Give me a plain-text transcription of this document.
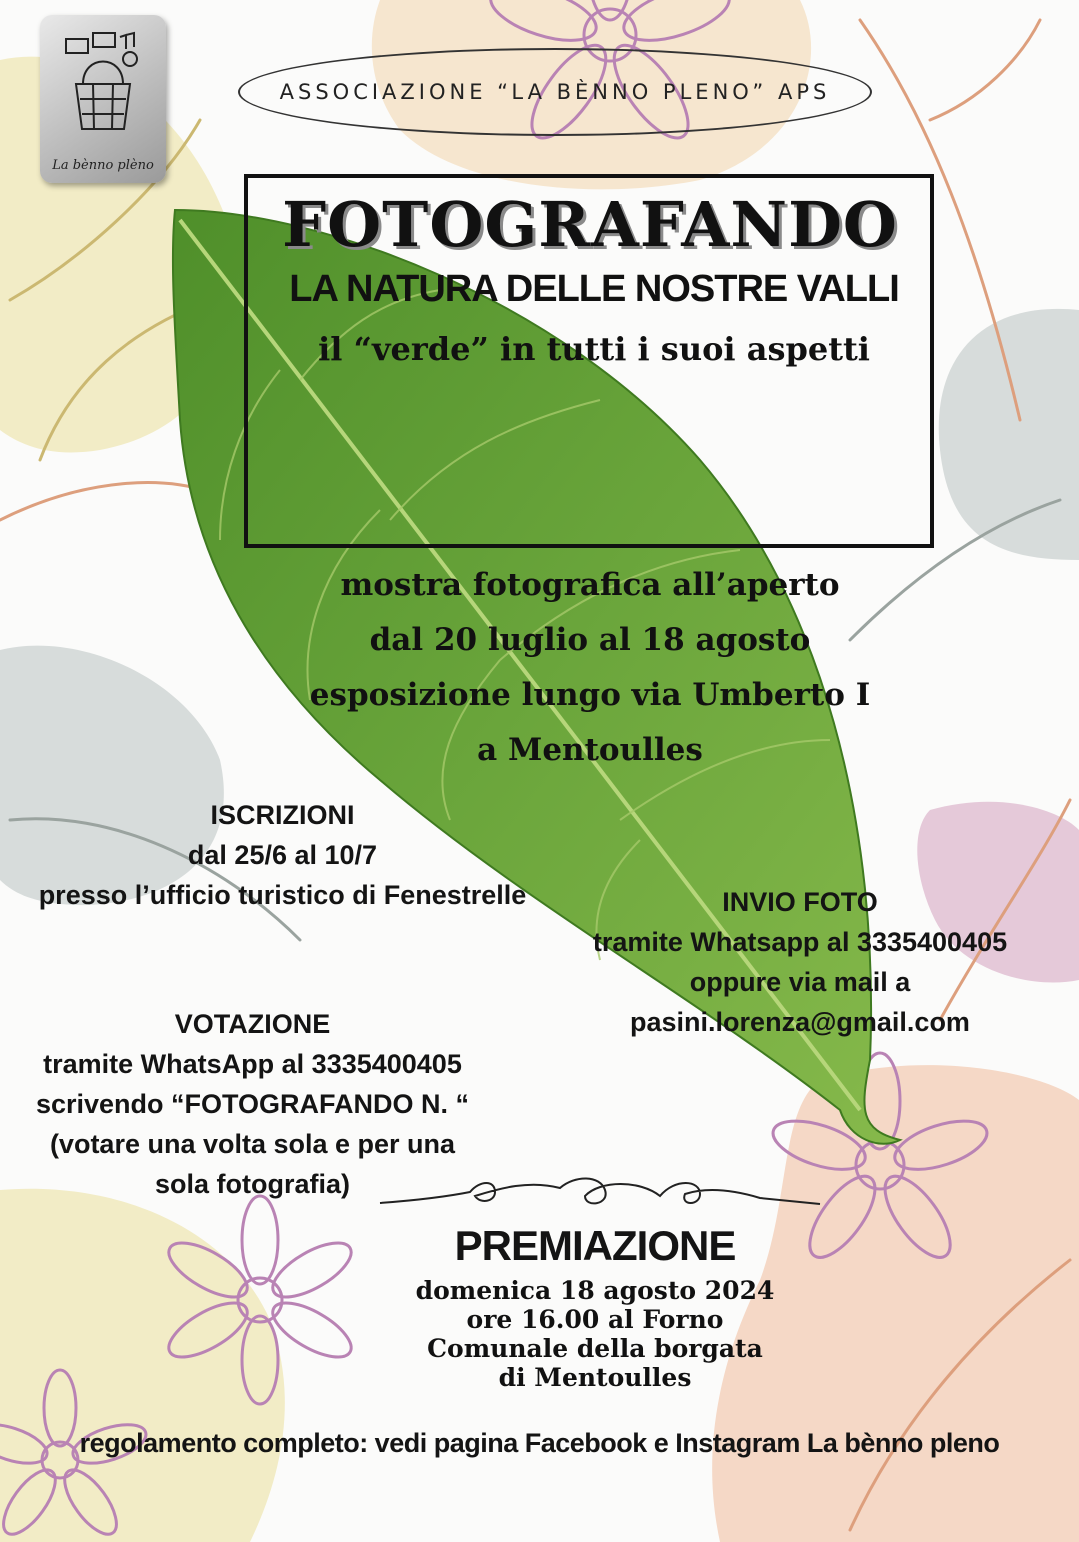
La bènno plèno
ASSOCIAZIONE “LA BÈNNO PLENO” APS
FOTOGRAFANDO
LA NATURA DELLE NOSTRE VALLI
il “verde” in tutti i suoi aspetti
mostra fotografica all’aperto
dal 20 luglio al 18 agosto
esposizione lungo via Umberto I
a Mentoulles
ISCRIZIONI
dal 25/6 al 10/7
presso l’ufficio turistico di Fenestrelle	INVIO FOTO
tramite Whatsapp al 3335400405
oppure via mail a
pasini.lorenza@gmail.com
VOTAZIONE
tramite WhatsApp al 3335400405
scrivendo “FOTOGRAFANDO N. “
(votare una volta sola e per una
sola fotografia)
PREMIAZIONE
domenica 18 agosto 2024
ore 16.00 al Forno
Comunale della borgata
di Mentoulles
regolamento completo: vedi pagina Facebook e Instagram La bènno pleno
